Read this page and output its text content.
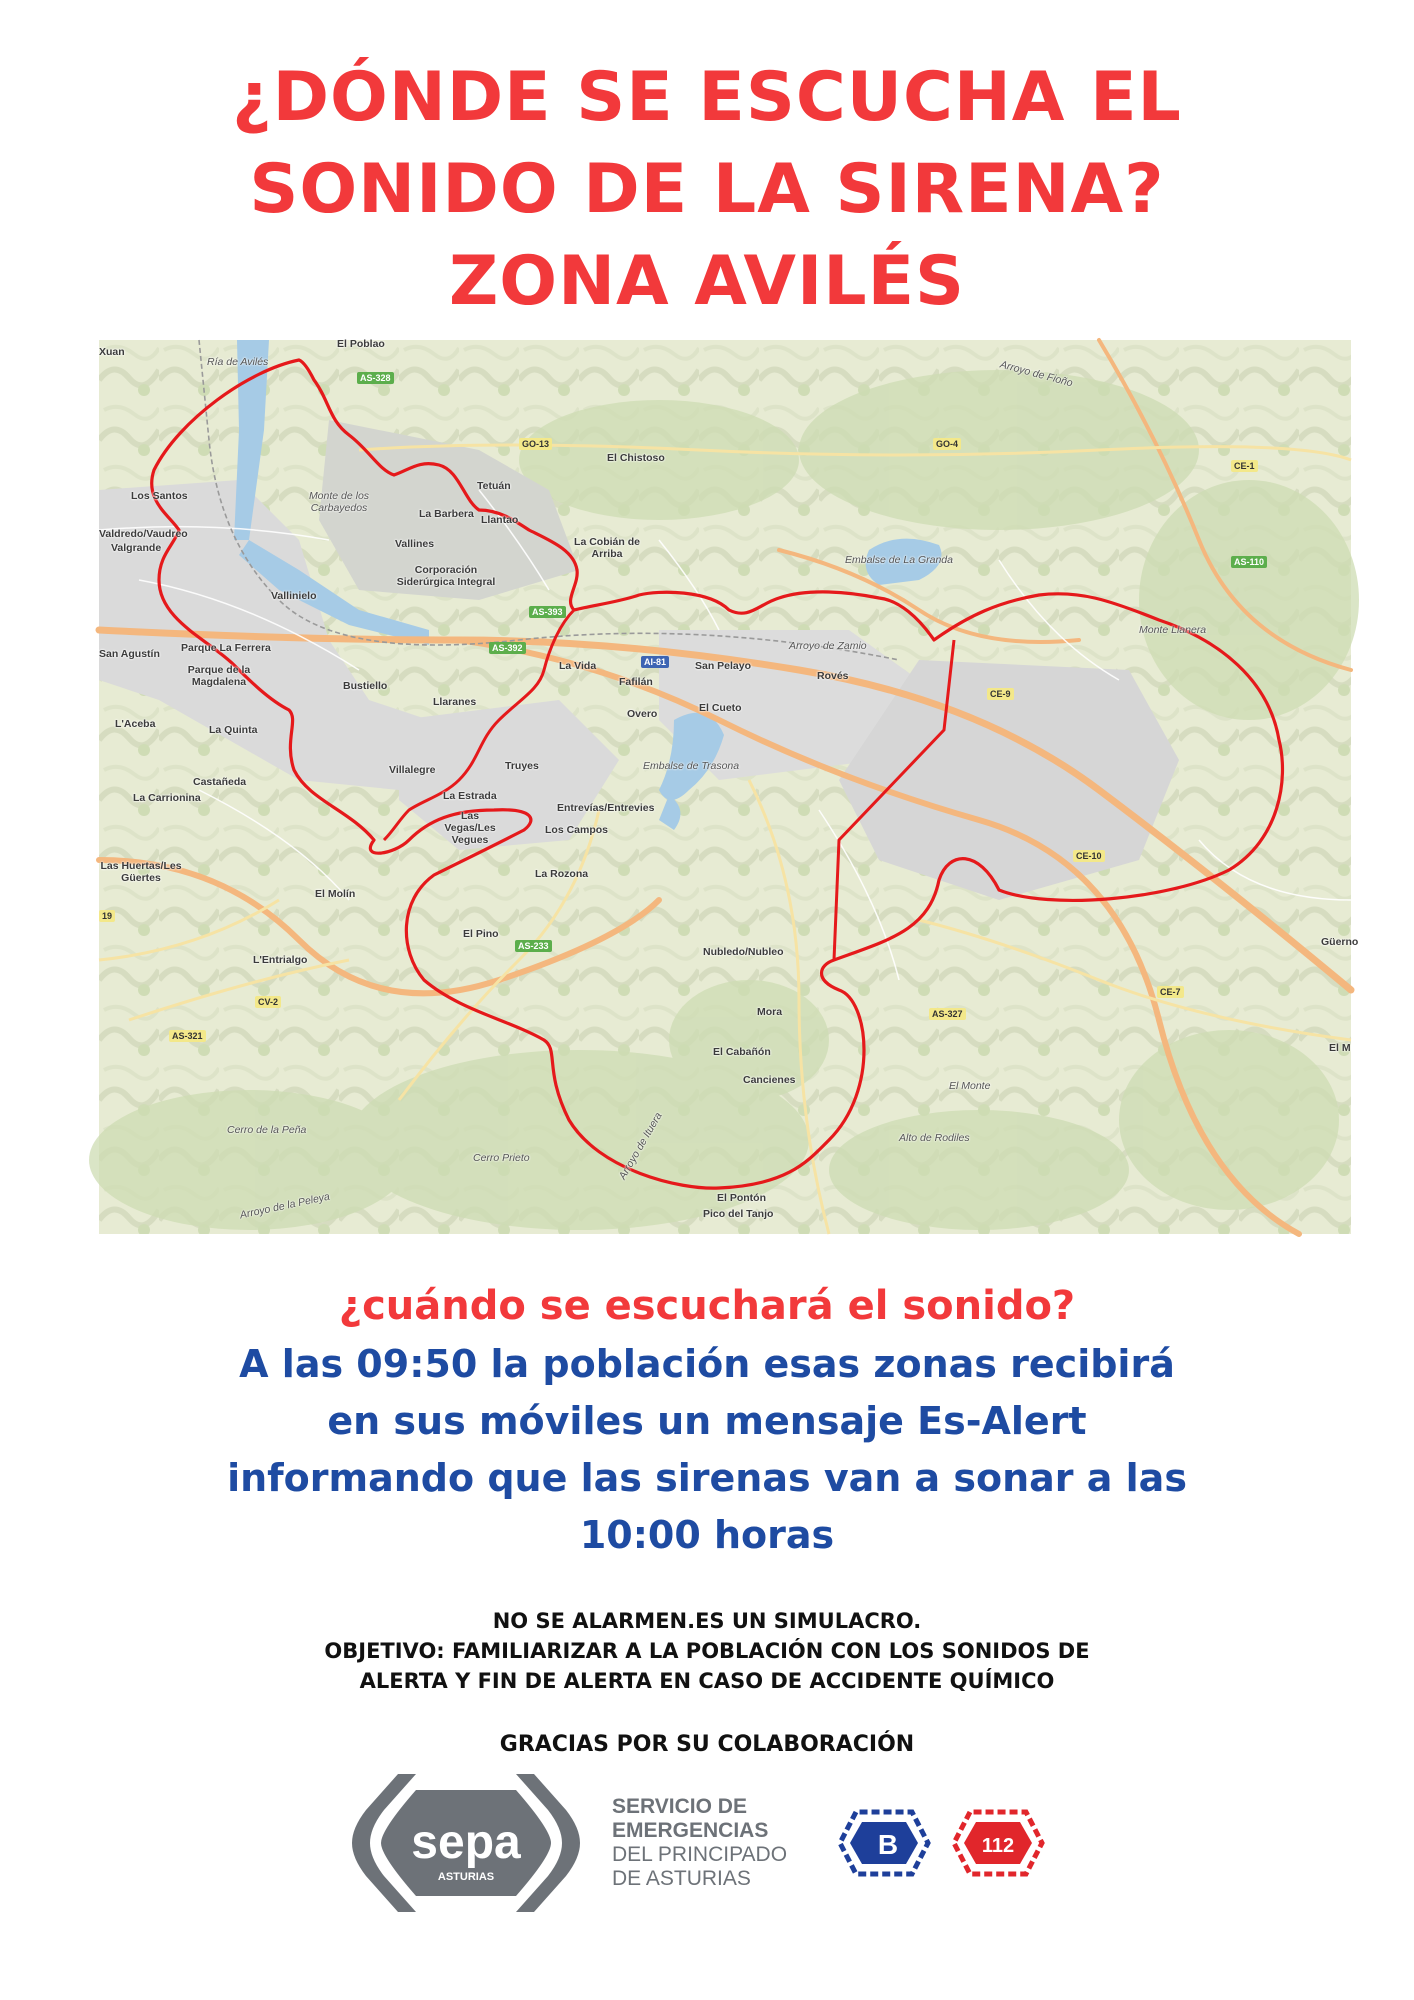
¿DÓNDE SE ESCUCHA EL
SONIDO DE LA SIRENA?
ZONA AVILÉS
Xuan
El Poblao
Ría de Avilés	Arroyo de Fioño
El Chistoso
Los Santos	Monte de los Carbayedos
Tetuán
La Barbera Llantao
Vallines	La Cobián de Arriba
Valdredo/Vaudreo
Valgrande
Embalse de La Granda
Corporación Siderúrgica Integral
Vallinielo
Monte Llanera
Parque La Ferrera
Parque de la Magdalena	Bustiello
Llaranes
La Vida	San Pelayo
Arroyo de Zamio
Rovés
Fafilán
El Cueto
Overo
L'Aceba	La Quinta
Embalse de Trasona
Villalegre	Truyes
Castañeda
La Carrionina	La Estrada
Entrevías/Entrevies
Las Vegas/Les Vegues
Los Campos
La Rozona
Las Huertas/Les Güertes
El Molín
El Pino
L'Entrialgo
Nubledo/Nubleo
Güerno
Mora
El Cabañón
Cancienes	El Monte
Cerro de la Peña
Cerro Prieto
Alto de Rodiles
Arroyo de Ituera
El Pontón
Pico del Tanjo
Arroyo de la Peleya
El M
San Agustín
AS-328
GO-13	GO-4
CE-1
AS-110
AS-393
AS-392
AI-81
CE-9
CE-10
AS-233
CV-2
AS-321
AS-327
CE-7
19
¿cuándo se escuchará el sonido?
A las 09:50 la población esas zonas recibirá
en sus móviles un mensaje Es-Alert
informando que las sirenas van a sonar a las
10:00 horas
NO SE ALARMEN.ES UN SIMULACRO.
OBJETIVO: FAMILIARIZAR A LA POBLACIÓN CON LOS SONIDOS DE
ALERTA Y FIN DE ALERTA EN CASO DE ACCIDENTE QUÍMICO
GRACIAS POR SU COLABORACIÓN
sepa
ASTURIAS
SERVICIO DE
EMERGENCIAS
DEL PRINCIPADO
DE ASTURIAS
B	112
